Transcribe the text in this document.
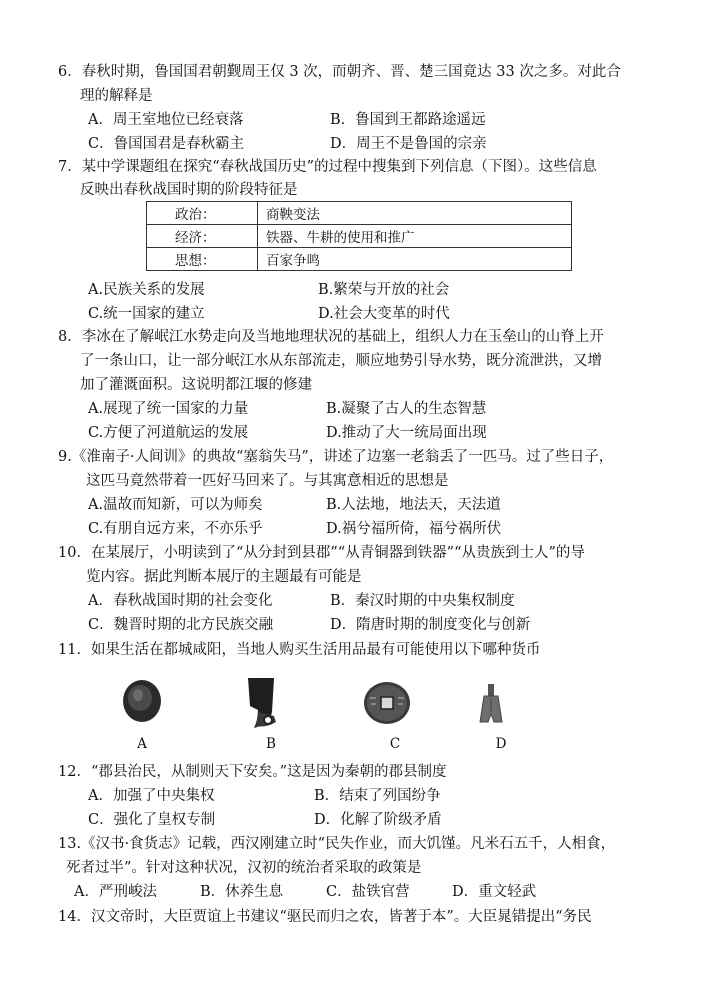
6．春秋时期，鲁国国君朝觐周王仅 3 次，而朝齐、晋、楚三国竟达 33 次之多。对此合
理的解释是
A．周王室地位已经衰落	B．鲁国到王都路途遥远
C．鲁国国君是春秋霸主	D．周王不是鲁国的宗亲
7．某中学课题组在探究“春秋战国历史”的过程中搜集到下列信息（下图）。这些信息
反映出春秋战国时期的阶段特征是
政治：	商鞅变法
经济：	铁器、牛耕的使用和推广
思想：	百家争鸣
A.民族关系的发展	B.繁荣与开放的社会
C.统一国家的建立	D.社会大变革的时代
8．李冰在了解岷江水势走向及当地地理状况的基础上，组织人力在玉垒山的山脊上开
了一条山口，让一部分岷江水从东部流走，顺应地势引导水势，既分流泄洪，又增
加了灌溉面积。这说明都江堰的修建
A.展现了统一国家的力量	B.凝聚了古人的生态智慧
C.方便了河道航运的发展	D.推动了大一统局面出现
9.《淮南子·人间训》的典故“塞翁失马”，讲述了边塞一老翁丢了一匹马。过了些日子，
这匹马竟然带着一匹好马回来了。与其寓意相近的思想是
A.温故而知新，可以为师矣	B.人法地，地法天，天法道
C.有朋自远方来，不亦乐乎	D.祸兮福所倚，福兮祸所伏
10．在某展厅，小明读到了“从分封到县郡”“从青铜器到铁器”“从贵族到士人”的导
览内容。据此判断本展厅的主题最有可能是
A．春秋战国时期的社会变化	B．秦汉时期的中央集权制度
C．魏晋时期的北方民族交融	D．隋唐时期的制度变化与创新
11．如果生活在都城咸阳，当地人购买生活用品最有可能使用以下哪种货币
A	B	C	D
12．“郡县治民，从制则天下安矣。”这是因为秦朝的郡县制度
A．加强了中央集权	B．结束了列国纷争
C．强化了皇权专制	D．化解了阶级矛盾
13.《汉书·食货志》记载，西汉刚建立时“民失作业，而大饥馑。凡米石五千，人相食，
死者过半”。针对这种状况，汉初的统治者采取的政策是
A．严刑峻法	B．休养生息	C．盐铁官营	D．重文轻武
14．汉文帝时，大臣贾谊上书建议“驱民而归之农，皆著于本”。大臣晁错提出“务民
